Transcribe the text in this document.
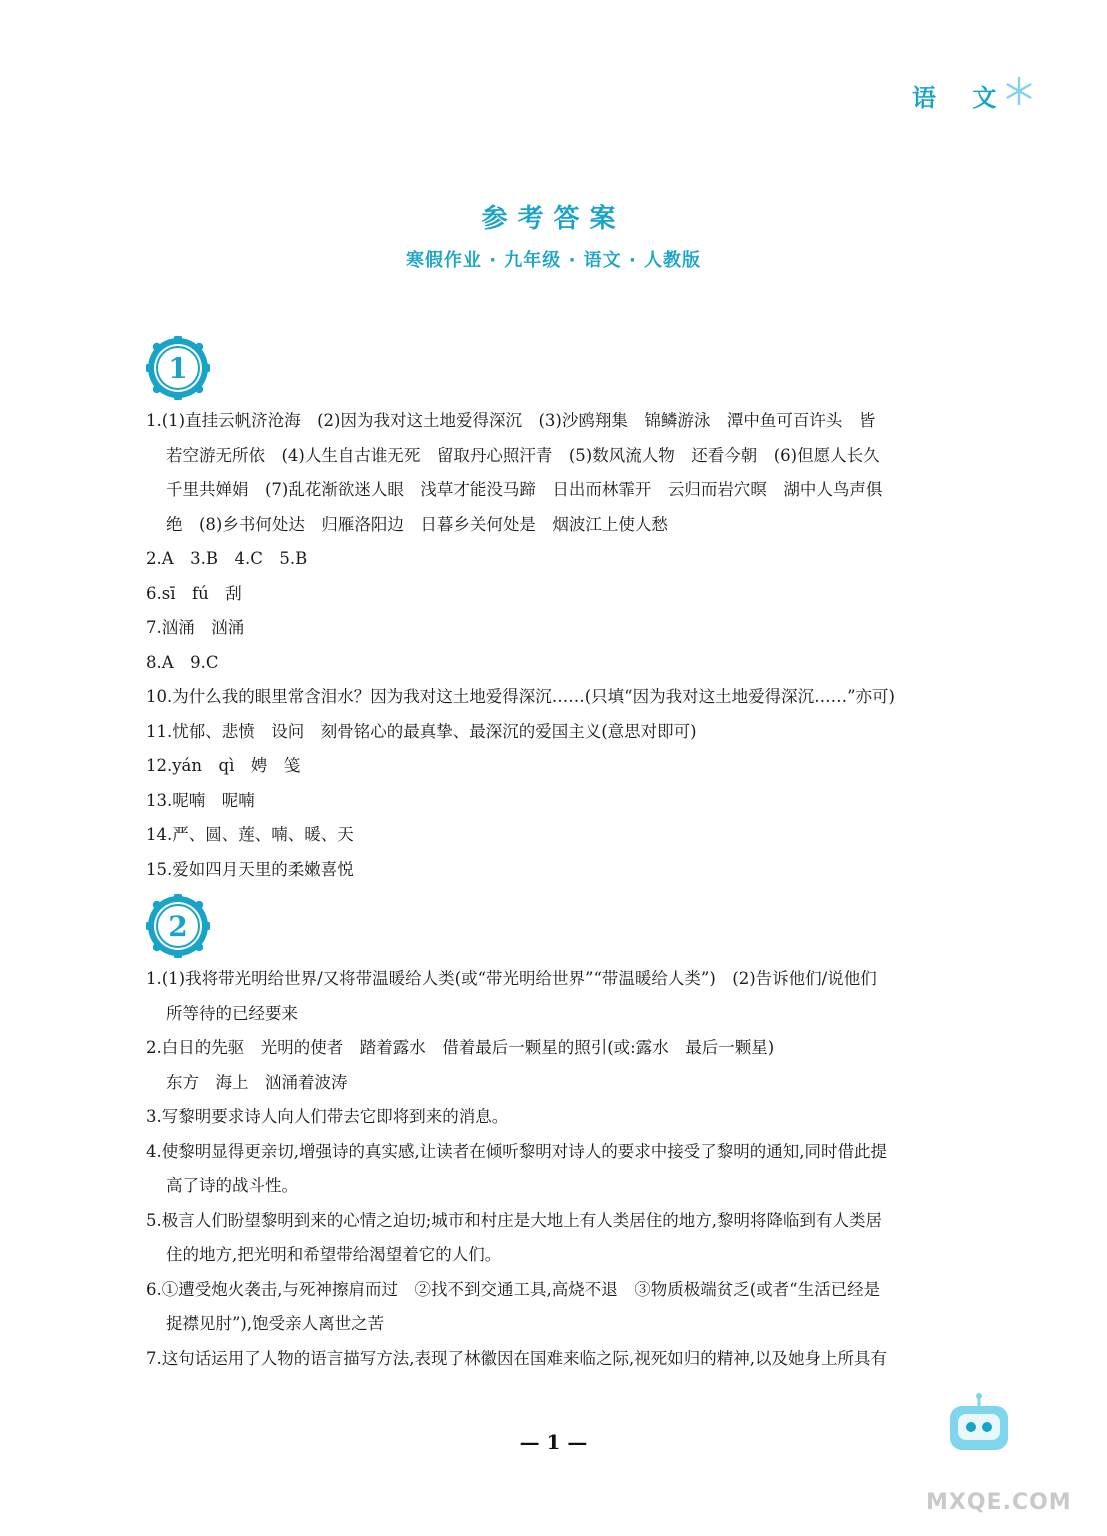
语 文
参考答案
寒假作业 · 九年级 · 语文 · 人教版
1
1.(1)直挂云帆济沧海　(2)因为我对这土地爱得深沉　(3)沙鸥翔集　锦鳞游泳　潭中鱼可百许头　皆
若空游无所依　(4)人生自古谁无死　留取丹心照汗青　(5)数风流人物　还看今朝　(6)但愿人长久
千里共婵娟　(7)乱花渐欲迷人眼　浅草才能没马蹄　日出而林霏开　云归而岩穴暝　湖中人鸟声俱
绝　(8)乡书何处达　归雁洛阳边　日暮乡关何处是　烟波江上使人愁
2.A　3.B　4.C　5.B
6.sī　fú　刮
7.汹涌　汹涌
8.A　9.C
10.为什么我的眼里常含泪水？因为我对这土地爱得深沉……(只填“因为我对这土地爱得深沉……”亦可)
11.忧郁、悲愤　设问　刻骨铭心的最真挚、最深沉的爱国主义(意思对即可)
12.yán　qì　娉　笺
13.呢喃　呢喃
14.严、圆、莲、喃、暖、天
15.爱如四月天里的柔嫩喜悦
2
1.(1)我将带光明给世界/又将带温暖给人类(或“带光明给世界”“带温暖给人类”)　(2)告诉他们/说他们
所等待的已经要来
2.白日的先驱　光明的使者　踏着露水　借着最后一颗星的照引(或:露水　最后一颗星)
东方　海上　汹涌着波涛
3.写黎明要求诗人向人们带去它即将到来的消息。
4.使黎明显得更亲切,增强诗的真实感,让读者在倾听黎明对诗人的要求中接受了黎明的通知,同时借此提
高了诗的战斗性。
5.极言人们盼望黎明到来的心情之迫切;城市和村庄是大地上有人类居住的地方,黎明将降临到有人类居
住的地方,把光明和希望带给渴望着它的人们。
6.①遭受炮火袭击,与死神擦肩而过　②找不到交通工具,高烧不退　③物质极端贫乏(或者“生活已经是
捉襟见肘”),饱受亲人离世之苦
7.这句话运用了人物的语言描写方法,表现了林徽因在国难来临之际,视死如归的精神,以及她身上所具有
— 1 —
MXQE.COM
